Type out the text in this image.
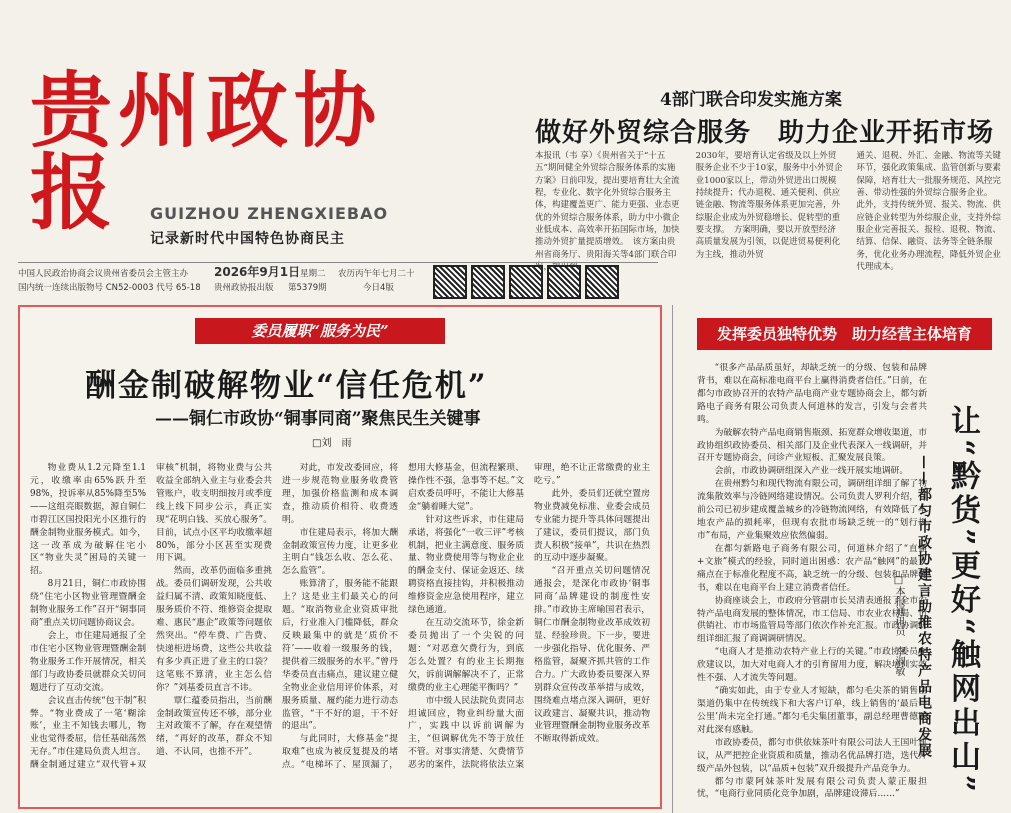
贵州政协报	GUIZHOU ZHENGXIEBAO
记录新时代中国特色协商民主
4部门联合印发实施方案
做好外贸综合服务　助力企业开拓市场
本报讯（韦 享）《贵州省关于“十五五”期间健全外贸综合服务体系的实施方案》日前印发，提出要培育壮大全流程，专业化、数字化外贸综合服务主体，构建覆盖更广、能力更强、业态更优的外贸综合服务体系，助力中小微企业低成本、高效率开拓国际市场，加快推动外贸扩量提质增效。　该方案由贵州省商务厅、贵阳海关等4部门联合印
2030年，要培育认定省级及以上外贸服务企业不少于10家，服务中小外贸企业1000家以上，带动外贸进出口规模持续提升；代办退税、通关便利、供应链金融、物流等服务体系更加完善，外综服企业成为外贸稳增长、促转型的重要支撑。　方案明确，要以开放型经济高质量发展为引领，以促进贸易便利化为主线，推动外贸
通关、退税、外汇、金融、物流等关键环节，强化政策集成、监管创新与要素保障，培育壮大一批服务规范、风控完善、带动性强的外贸综合服务企业。　此外，支持传统外贸、报关、物流、供应链企业转型为外综服企业，支持外综服企业完善报关、报检、退税、物流、结算、信保、融资、法务等全链条服务，优化业务办理流程，降低外贸企业代理成本。
中国人民政治协商会议贵州省委员会主管主办
国内统一连续出版物号 CN52-0003 代号 65-18
2026年9月1日 星期二 农历丙午年七月二十
贵州政协报出版 第5379期	今日4版
委员履职“服务为民”
酬金制破解物业“信任危机”
——铜仁市政协“铜事同商”聚焦民生关键事
□刘　雨

物业费从1.2元降至1.1元，收缴率由65%跃升至98%，投诉率从85%降至5%——这组亮眼数据，源自铜仁市碧江区国投阳光小区推行的酬金制物业服务模式。如今，这一改革成为破解住宅小区“物业失灵”困局的关键一招。

8月21日，铜仁市政协围绕“住宅小区物业管理暨酬金制物业服务工作”召开“铜事同商”重点关切问题协商议会。

会上，市住建局通报了全市住宅小区物业管理暨酬金制物业服务工作开展情况，相关部门与政协委员就群众关切问题进行了互动交流。

会议直击传统“包干制”积弊。“物业费成了一笔‘糊涂账’，业主不知钱去哪儿，物业也觉得委屈，信任基础荡然无存。”市住建局负责人坦言。酬金制通过建立“双代管+双审核”机制，将物业费与公共收益全部纳入业主与业委会共管账户，收支明细按月或季度线上线下同步公示，真正实现“花明白钱、买放心服务”。目前，试点小区平均收缴率超80%，部分小区甚至实现费用下调。

然而，改革仍面临多重挑战。委员们调研发现，公共收益归属不清、政策知晓度低、服务质价不符、维修资金提取难、惠民“惠企”政策等问题依然突出。“停车费、广告费、快递柜进场费，这些公共收益有多少真正进了业主的口袋？这笔账不算清，业主怎么信你？”刘基委员直言不讳。

覃仁蕴委员指出，当前酬金制政策宣传还不够，部分业主对政策不了解，存在观望情绪，“再好的改革，群众不知道、不认同，也推不开”。

对此，市发改委回应，将进一步规范物业服务收费管理，加强价格监测和成本调查，推动质价相符、收费透明。

市住建局表示，将加大酬金制政策宣传力度，让更多业主明白“钱怎么收、怎么花、怎么监管”。

账算清了，服务能不能跟上？这是业主们最关心的问题。“取消物业企业资质审批后，行业准入门槛降低，群众反映最集中的就是‘质价不符’——收着一级服务的钱，提供着三级服务的水平。”曾丹华委员直击痛点，建议建立健全物业企业信用评价体系，对服务质量、履约能力进行动态监管，“干不好的退，干不好的退出”。

与此同时，大修基金“提取难”也成为被反复提及的堵点。“电梯坏了、屋顶漏了，想用大修基金，但流程繁琐、操作性不强，急事等不起。”文启欢委员呼吁，不能让大修基金“躺着睡大觉”。

针对这些诉求，市住建局承诺，将强化“一收三评”考核机制，把业主满意度、服务质量、物业费使用等与物业企业的酬金支付、保证金返还、续聘资格直接挂钩，并积极推动维修资金应急使用程序，建立绿色通道。

在互动交流环节，徐金新委员抛出了一个尖锐的问题：“对恶意欠费行为，到底怎么处置？有的业主长期拖欠，诉前调解解决不了，正常缴费的业主心理能平衡吗？”

市中级人民法院负责同志坦诚回应，物业纠纷量大面广，实践中以诉前调解为主，“但调解优先不等于放任不管。对事实清楚、欠费情节恶劣的案件，法院将依法立案审理，绝不让正常缴费的业主吃亏。”

此外，委员们还就空置房物业费减免标准、业委会成员专业能力提升等具体问题提出了建议，委员们提议，部门负责人积极“接单”，共识在热烈的互动中逐步凝聚。

“召开重点关切问题情况通报会，是深化市政协‘铜事同商’品牌建设的制度性安排。”市政协主席喻国君表示，铜仁市酬金制物业改革成效初显、经验珍贵。下一步，要进一步强化指导、优化服务、严格监管，凝聚齐抓共管的工作合力。广大政协委员要深入界别群众宣传改革举措与成效，围绕难点堵点深入调研，更好议政建言、凝聚共识，推动物业管理暨酬金制物业服务改革不断取得新成效。

发挥委员独特优势　助力经营主体培育

“很多产品品质虽好，却缺乏统一的分级、包装和品牌背书，难以在高标准电商平台上赢得消费者信任。”日前，在都匀市政协召开的农特产品电商产业专题协商会上，都匀新路电子商务有限公司负责人何道林的发言，引发与会者共鸣。

为破解农特产品电商销售瓶颈、拓宽群众增收渠道，市政协组织政协委员、相关部门及企业代表深入一线调研，并召开专题协商会，问诊产业短板、汇聚发展良策。

会前，市政协调研组深入产业一线开展实地调研。

在贵州黔匀和现代物流有限公司，调研组详细了解了物流集散效率与冷链网络建设情况。公司负责人罗利介绍，目前公司已初步建成覆盖城乡的冷链物流网络，有效降低了本地农产品的损耗率，但现有农批市场缺乏统一的“划行规市”布局，产业集聚效应依然偏弱。

在都匀新路电子商务有限公司，何道林介绍了“直播+文旅”模式的经验，同时道出困惑：农产品“触网”的最大痛点在于标准化程度不高，缺乏统一的分级、包装和品牌背书，难以在电商平台上建立消费者信任。

协商座谈会上，市政府分管副市长吴清表通报了全市农特产品电商发展的整体情况，市工信局、市农业农村局、市供销社、市市场监管局等部门依次作补充汇报。市政协调研组详细汇报了商调调研情况。

“电商人才是推动农特产业上行的关键。”市政协委员李欣建议以，加大对电商人才的引育留用力度，解决培训实效性不强、人才流失等问题。

“确实如此，由于专业人才短缺，都匀毛尖茶的销售主渠道仍集中在传统线下和大客户订单，线上销售的‘最后一公里’尚未完全打通。”都匀毛尖集团董事，副总经理曹德顺对此深有感触。

市政协委员，都匀市供依妹茶叶有限公司法人王国叶建议，从严把控企业资质和质量，推动名优品牌打造，迭代升级产品外包装，以“品质+包装”双升级提升产品竞争力。

都匀市蒙阿妹茶叶发展有限公司负责人蒙正服担忧，“电商行业同质化竞争加剧，品牌建设滞后……”	让“黔货”更好“触网出山”
——都匀市政协建言助推农特产品电商发展
□本报通讯员　李淑敏
